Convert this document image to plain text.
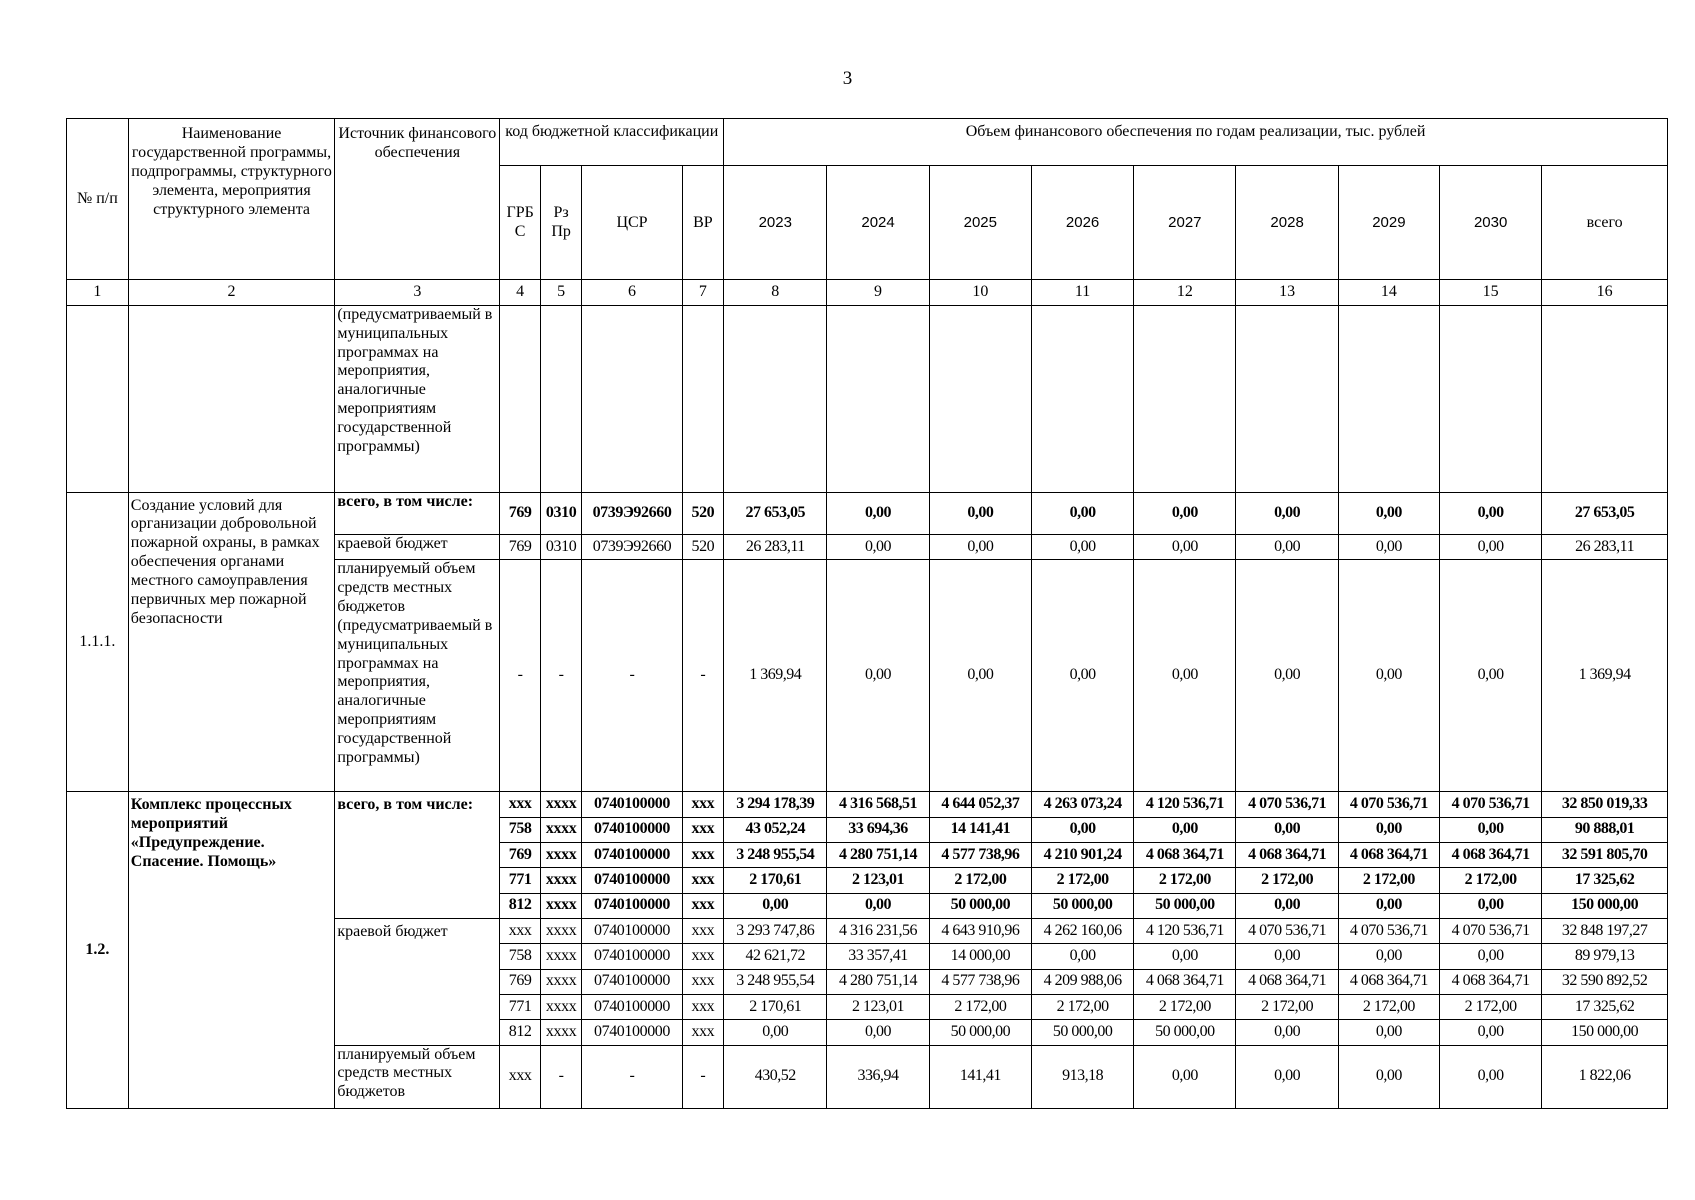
3
№ п/п	Наименование государственной программы, подпрограммы, структурного элемента, мероприятия структурного элемента	Источник финансового обеспечения	код бюджетной классификации				Объем финансового обеспечения по годам реализации, тыс. рублей								
			ГРБ С	Рз Пр	ЦСР	ВР	2023	2024	2025	2026	2027	2028	2029	2030	всего
1	2	3	4	5	6	7	8	9	10	11	12	13	14	15	16
		(предусматриваемый в муниципальных программах на мероприятия, аналогичные мероприятиям государственной программы)													
1.1.1.	Создание условий для организации добровольной пожарной охраны, в рамках обеспечения органами местного самоуправления первичных мер пожарной безопасности	всего, в том числе:	769	0310	0739Э92660	520	27 653,05	0,00	0,00	0,00	0,00	0,00	0,00	0,00	27 653,05
		краевой бюджет	769	0310	0739Э92660	520	26 283,11	0,00	0,00	0,00	0,00	0,00	0,00	0,00	26 283,11
		планируемый объем средств местных бюджетов (предусматриваемый в муниципальных программах на мероприятия, аналогичные мероприятиям государственной программы)	-	-	-	-	1 369,94	0,00	0,00	0,00	0,00	0,00	0,00	0,00	1 369,94
1.2.	Комплекс процессных мероприятий «Предупреждение. Спасение. Помощь»	всего, в том числе:	ххх	хххх	0740100000	ххх	3 294 178,39	4 316 568,51	4 644 052,37	4 263 073,24	4 120 536,71	4 070 536,71	4 070 536,71	4 070 536,71	32 850 019,33
			758	хххх	0740100000	ххх	43 052,24	33 694,36	14 141,41	0,00	0,00	0,00	0,00	0,00	90 888,01
			769	хххх	0740100000	ххх	3 248 955,54	4 280 751,14	4 577 738,96	4 210 901,24	4 068 364,71	4 068 364,71	4 068 364,71	4 068 364,71	32 591 805,70
			771	хххх	0740100000	ххх	2 170,61	2 123,01	2 172,00	2 172,00	2 172,00	2 172,00	2 172,00	2 172,00	17 325,62
			812	хххх	0740100000	ххх	0,00	0,00	50 000,00	50 000,00	50 000,00	0,00	0,00	0,00	150 000,00
		краевой бюджет	ххх	хххх	0740100000	ххх	3 293 747,86	4 316 231,56	4 643 910,96	4 262 160,06	4 120 536,71	4 070 536,71	4 070 536,71	4 070 536,71	32 848 197,27
			758	хххх	0740100000	ххх	42 621,72	33 357,41	14 000,00	0,00	0,00	0,00	0,00	0,00	89 979,13
			769	хххх	0740100000	ххх	3 248 955,54	4 280 751,14	4 577 738,96	4 209 988,06	4 068 364,71	4 068 364,71	4 068 364,71	4 068 364,71	32 590 892,52
			771	хххх	0740100000	ххх	2 170,61	2 123,01	2 172,00	2 172,00	2 172,00	2 172,00	2 172,00	2 172,00	17 325,62
			812	хххх	0740100000	ххх	0,00	0,00	50 000,00	50 000,00	50 000,00	0,00	0,00	0,00	150 000,00
		планируемый объем средств местных бюджетов	ххх	-	-	-	430,52	336,94	141,41	913,18	0,00	0,00	0,00	0,00	1 822,06
